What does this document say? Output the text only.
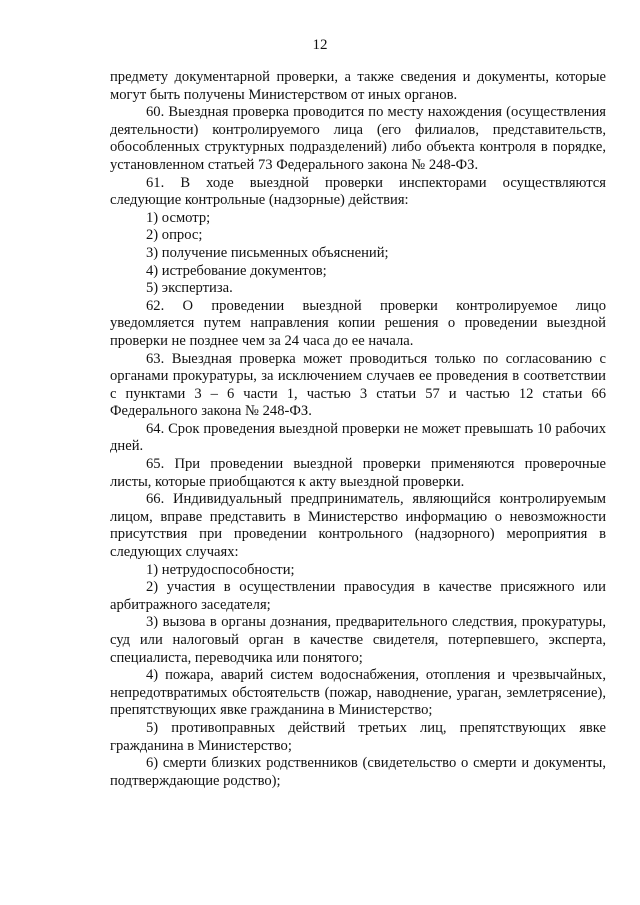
12

предмету документарной проверки, а также сведения и документы, которые могут быть получены Министерством от иных органов.

60. Выездная проверка проводится по месту нахождения (осуществления деятельности) контролируемого лица (его филиалов, представительств, обособленных структурных подразделений) либо объекта контроля в порядке, установленном статьей 73 Федерального закона № 248-ФЗ.

61. В ходе выездной проверки инспекторами осуществляются следующие контрольные (надзорные) действия:

1) осмотр;

2) опрос;

3) получение письменных объяснений;

4) истребование документов;

5) экспертиза.

62. О проведении выездной проверки контролируемое лицо уведомляется путем направления копии решения о проведении выездной проверки не позднее чем за 24 часа до ее начала.

63. Выездная проверка может проводиться только по согласованию с органами прокуратуры, за исключением случаев ее проведения в соответствии с пунктами 3 – 6 части 1, частью 3 статьи 57 и частью 12 статьи 66 Федерального закона № 248-ФЗ.

64. Срок проведения выездной проверки не может превышать 10 рабочих дней.

65. При проведении выездной проверки применяются проверочные листы, которые приобщаются к акту выездной проверки.

66. Индивидуальный предприниматель, являющийся контролируемым лицом, вправе представить в Министерство информацию о невозможности присутствия при проведении контрольного (надзорного) мероприятия в следующих случаях:

1) нетрудоспособности;

2) участия в осуществлении правосудия в качестве присяжного или арбитражного заседателя;

3) вызова в органы дознания, предварительного следствия, прокуратуры, суд или налоговый орган в качестве свидетеля, потерпевшего, эксперта, специалиста, переводчика или понятого;

4) пожара, аварий систем водоснабжения, отопления и чрезвычайных, непредотвратимых обстоятельств (пожар, наводнение, ураган, землетрясение), препятствующих явке гражданина в Министерство;

5) противоправных действий третьих лиц, препятствующих явке гражданина в Министерство;

6) смерти близких родственников (свидетельство о смерти и документы, подтверждающие родство);
